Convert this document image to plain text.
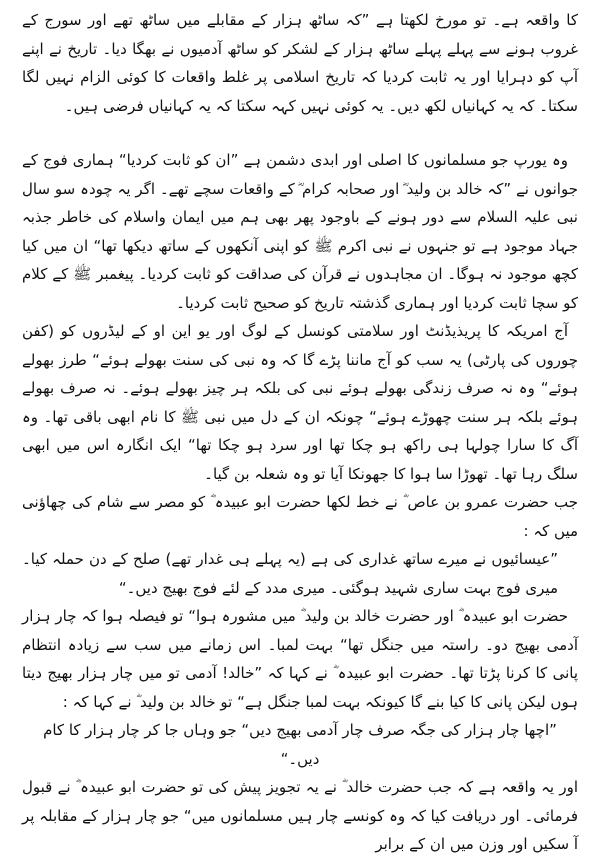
کا واقعہ ہے۔ تو مورخ لکھتا ہے ”کہ ساٹھ ہزار کے مقابلے میں ساٹھ تھے اور سورج کے غروب ہونے سے پہلے پہلے ساٹھ ہزار کے لشکر کو ساٹھ آدمیوں نے بھگا دیا۔ تاریخ نے اپنے آپ کو دہرایا اور یہ ثابت کردیا کہ تاریخ اسلامی پر غلط واقعات کا کوئی الزام نہیں لگا سکتا۔ کہ یہ کہانیاں لکھ دیں۔ یہ کوئی نہیں کہہ سکتا کہ یہ کہانیاں فرضی ہیں۔

وہ یورپ جو مسلمانوں کا اصلی اور ابدی دشمن ہے ”ان کو ثابت کردیا“ ہماری فوج کے جوانوں نے ”کہ خالد بن ولید ؓ اور صحابہ کرام ؓ کے واقعات سچے تھے۔ اگر یہ چودہ سو سال نبی علیہ السلام سے دور ہونے کے باوجود پھر بھی ہم میں ایمان واسلام کی خاطر جذبہ جہاد موجود ہے تو جنہوں نے نبی اکرم ﷺ کو اپنی آنکھوں کے ساتھ دیکھا تھا“ ان میں کیا کچھ موجود نہ ہوگا۔ ان مجاہدوں نے قرآن کی صداقت کو ثابت کردیا۔ پیغمبر ﷺ کے کلام کو سچا ثابت کردیا اور ہماری گذشتہ تاریخ کو صحیح ثابت کردیا۔

آج امریکہ کا پریذیڈنٹ اور سلامتی کونسل کے لوگ اور یو این او کے لیڈروں کو (کفن چوروں کی پارٹی) یہ سب کو آج ماننا پڑے گا کہ وہ نبی کی سنت بھولے ہوئے“ طرز بھولے ہوئے“ وہ نہ صرف زندگی بھولے ہوئے نبی کی بلکہ ہر چیز بھولے ہوئے۔ نہ صرف بھولے ہوئے بلکہ ہر سنت چھوڑے ہوئے“ چونکہ ان کے دل میں نبی ﷺ کا نام ابھی باقی تھا۔ وہ آگ کا سارا چولہا ہی راکھ ہو چکا تھا اور سرد ہو چکا تھا“ ایک انگارہ اس میں ابھی سلگ رہا تھا۔ تھوڑا سا ہوا کا جھونکا آیا تو وہ شعلہ بن گیا۔

جب حضرت عمرو بن عاص ؓ نے خط لکھا حضرت ابو عبیدہ ؓ کو مصر سے شام کی چھاؤنی میں کہ :

”عیسائیوں نے میرے ساتھ غداری کی ہے (یہ پہلے ہی غدار تھے) صلح کے دن حملہ کیا۔ میری فوج بہت ساری شہید ہوگئی۔ میری مدد کے لئے فوج بھیج دیں۔“

حضرت ابو عبیدہ ؓ اور حضرت خالد بن ولید ؓ میں مشورہ ہوا“ تو فیصلہ ہوا کہ چار ہزار آدمی بھیج دو۔ راستہ میں جنگل تھا“ بہت لمبا۔ اس زمانے میں سب سے زیادہ انتظام پانی کا کرنا پڑتا تھا۔ حضرت ابو عبیدہ ؓ نے کہا کہ ”خالد! آدمی تو میں چار ہزار بھیج دیتا ہوں لیکن پانی کا کیا بنے گا کیونکہ بہت لمبا جنگل ہے“ تو خالد بن ولید ؓ نے کہا کہ :

”اچھا چار ہزار کی جگہ صرف چار آدمی بھیج دیں“ جو وہاں جا کر چار ہزار کا کام دیں۔“

اور یہ واقعہ ہے کہ جب حضرت خالد ؓ نے یہ تجویز پیش کی تو حضرت ابو عبیدہ ؓ نے قبول فرمائی۔ اور دریافت کیا کہ وہ کونسے چار ہیں مسلمانوں میں“ جو چار ہزار کے مقابلہ پر آ سکیں اور وزن میں ان کے برابر
